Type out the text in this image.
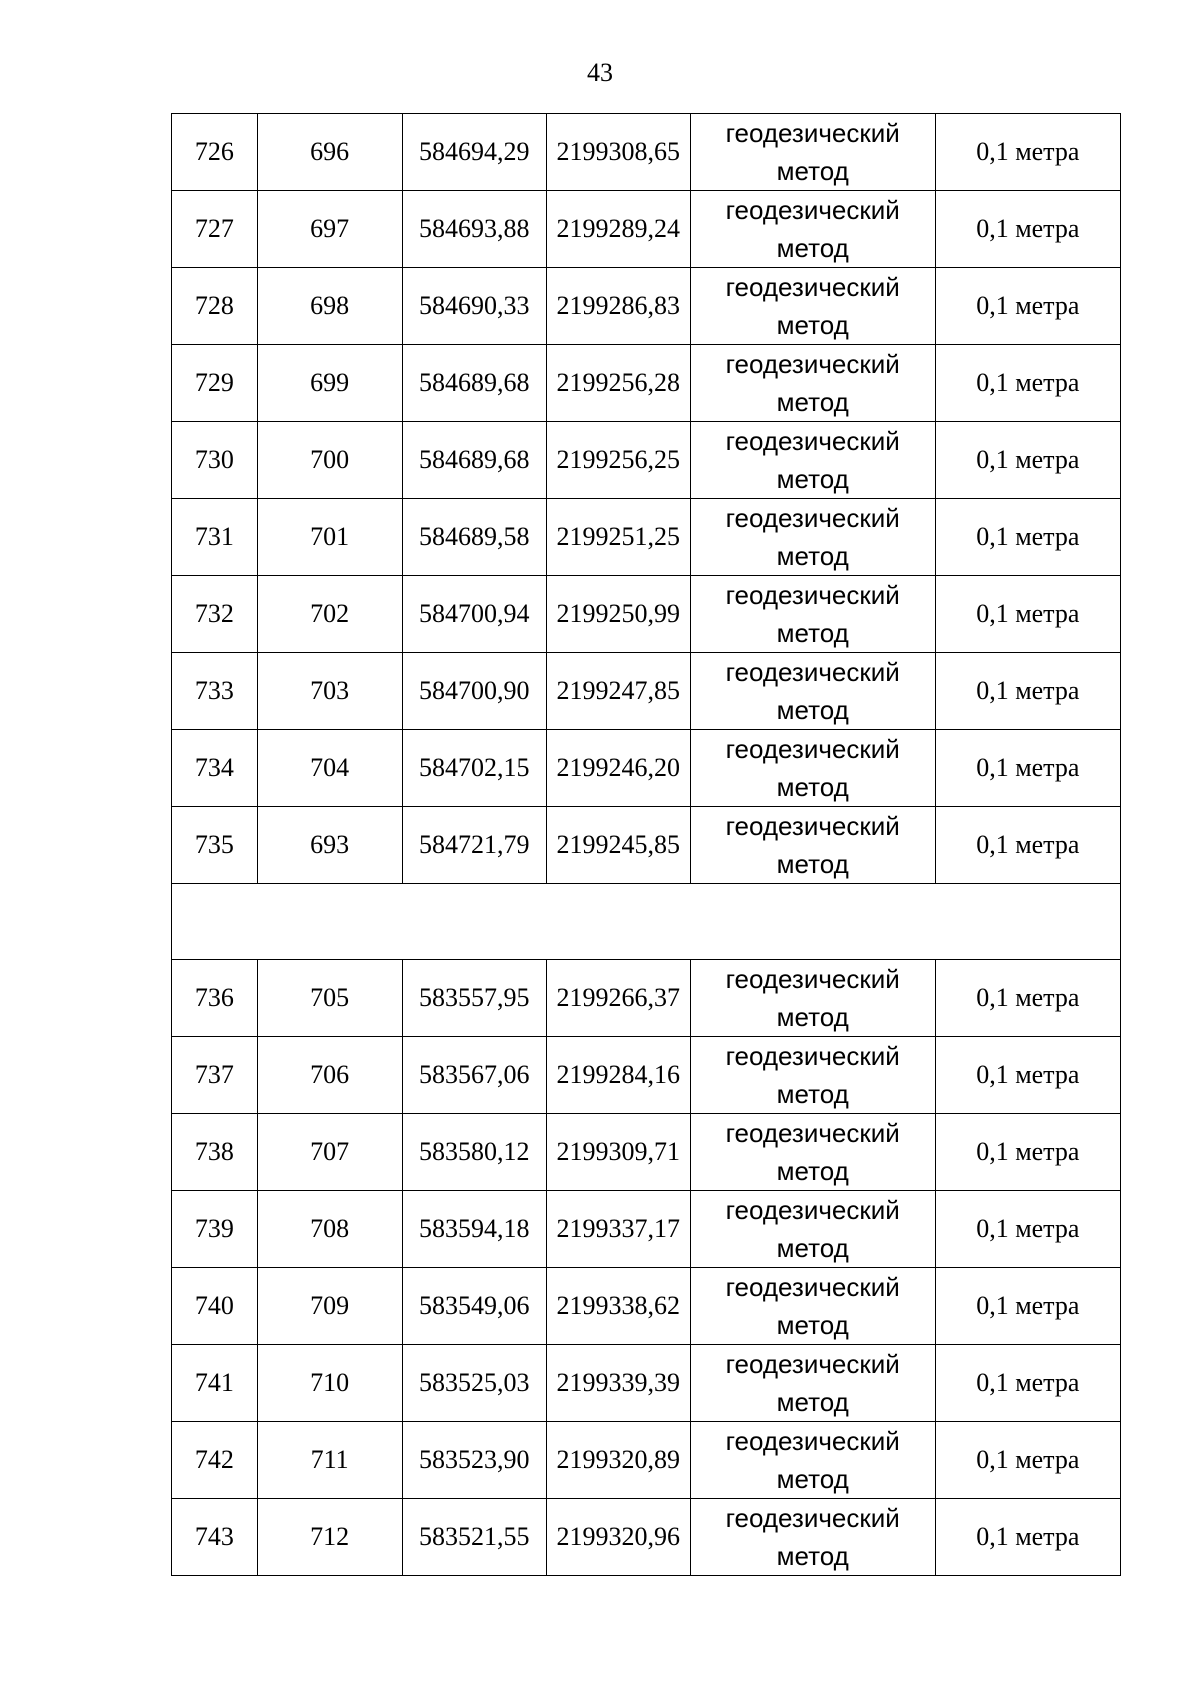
43
726	696	584694,29	2199308,65	геодезический
метод	0,1 метра
727	697	584693,88	2199289,24	геодезический
метод	0,1 метра
728	698	584690,33	2199286,83	геодезический
метод	0,1 метра
729	699	584689,68	2199256,28	геодезический
метод	0,1 метра
730	700	584689,68	2199256,25	геодезический
метод	0,1 метра
731	701	584689,58	2199251,25	геодезический
метод	0,1 метра
732	702	584700,94	2199250,99	геодезический
метод	0,1 метра
733	703	584700,90	2199247,85	геодезический
метод	0,1 метра
734	704	584702,15	2199246,20	геодезический
метод	0,1 метра
735	693	584721,79	2199245,85	геодезический
метод	0,1 метра

736	705	583557,95	2199266,37	геодезический
метод	0,1 метра
737	706	583567,06	2199284,16	геодезический
метод	0,1 метра
738	707	583580,12	2199309,71	геодезический
метод	0,1 метра
739	708	583594,18	2199337,17	геодезический
метод	0,1 метра
740	709	583549,06	2199338,62	геодезический
метод	0,1 метра
741	710	583525,03	2199339,39	геодезический
метод	0,1 метра
742	711	583523,90	2199320,89	геодезический
метод	0,1 метра
743	712	583521,55	2199320,96	геодезический
метод	0,1 метра
